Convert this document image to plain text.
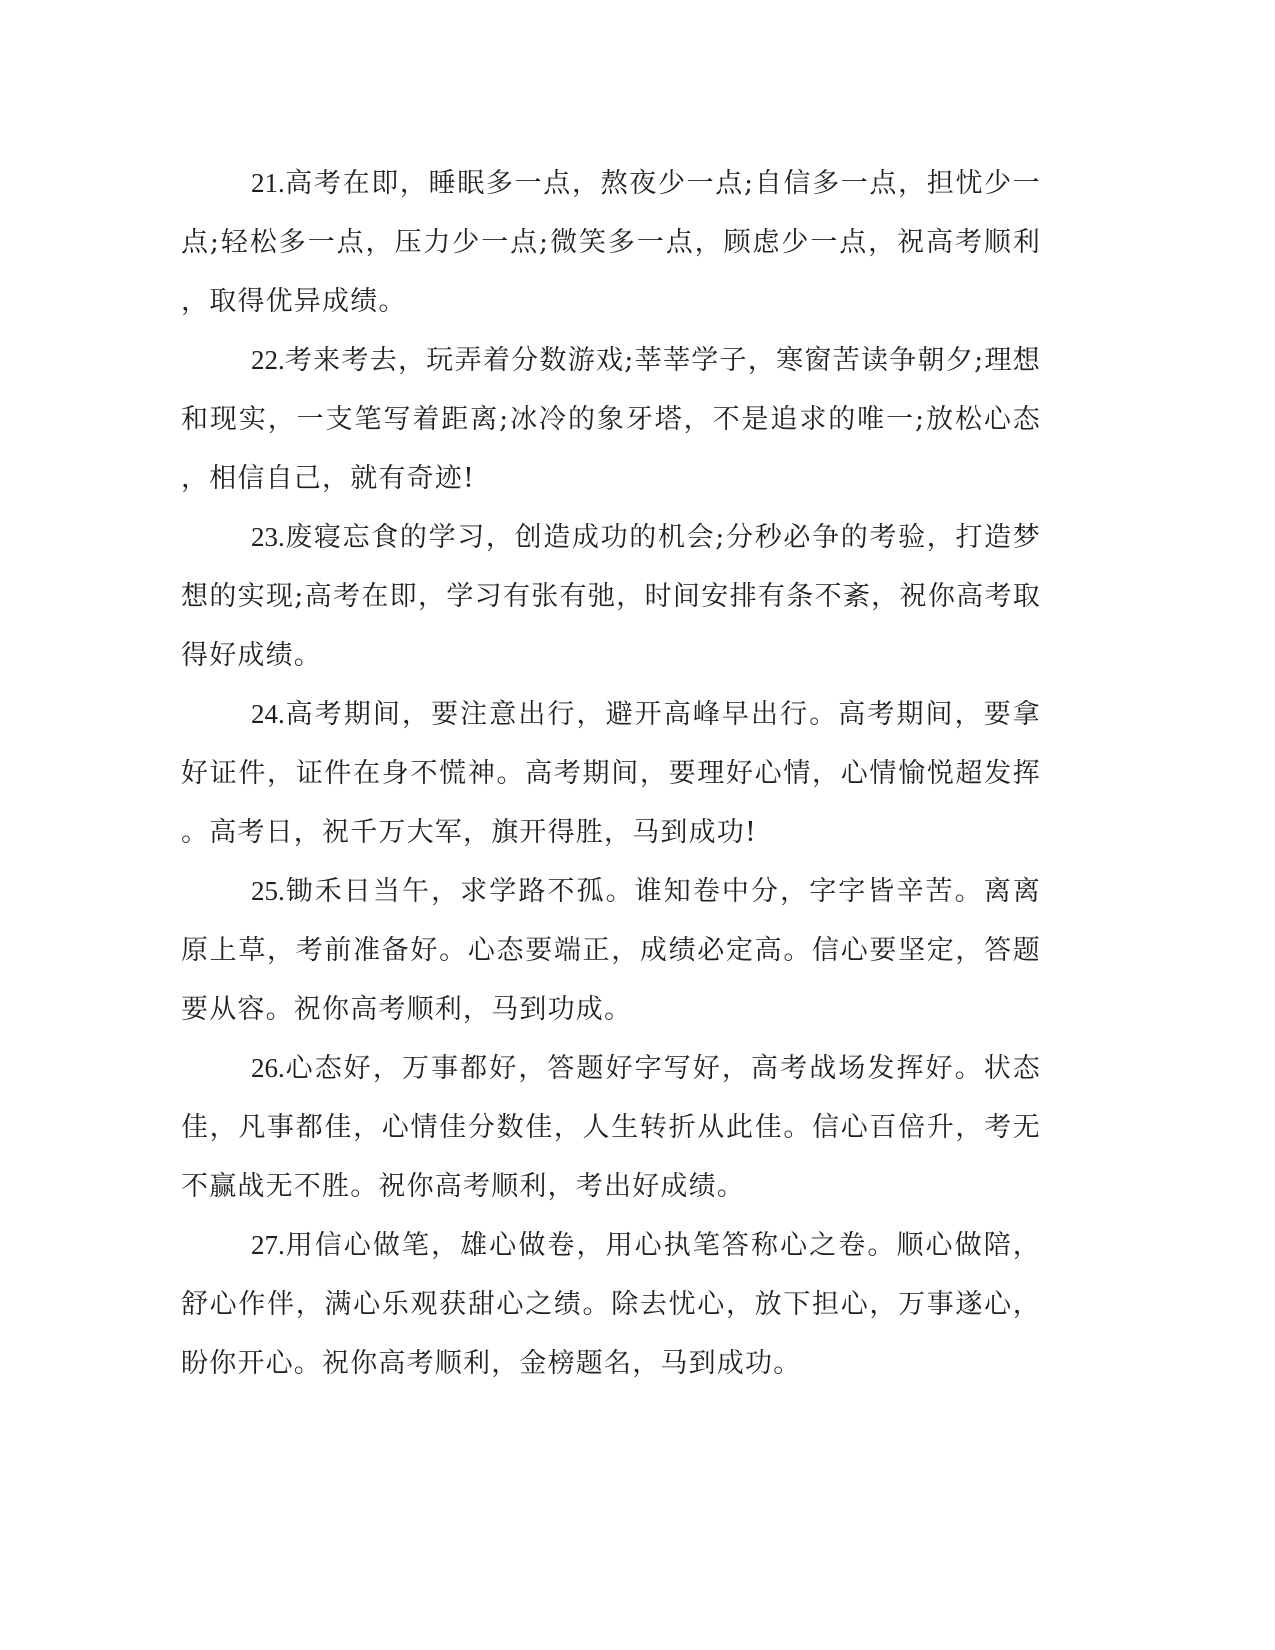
21.高考在即，睡眠多一点，熬夜少一点;自信多一点，担忧少一点;轻松多一点，压力少一点;微笑多一点，顾虑少一点，祝高考顺利，取得优异成绩。

22.考来考去，玩弄着分数游戏;莘莘学子，寒窗苦读争朝夕;理想和现实，一支笔写着距离;冰冷的象牙塔，不是追求的唯一;放松心态，相信自己，就有奇迹!

23.废寝忘食的学习，创造成功的机会;分秒必争的考验，打造梦想的实现;高考在即，学习有张有弛，时间安排有条不紊，祝你高考取得好成绩。

24.高考期间，要注意出行，避开高峰早出行。高考期间，要拿好证件，证件在身不慌神。高考期间，要理好心情，心情愉悦超发挥。高考日，祝千万大军，旗开得胜，马到成功!

25.锄禾日当午，求学路不孤。谁知卷中分，字字皆辛苦。离离原上草，考前准备好。心态要端正，成绩必定高。信心要坚定，答题要从容。祝你高考顺利，马到功成。

26.心态好，万事都好，答题好字写好，高考战场发挥好。状态佳，凡事都佳，心情佳分数佳，人生转折从此佳。信心百倍升，考无不赢战无不胜。祝你高考顺利，考出好成绩。

27.用信心做笔，雄心做卷，用心执笔答称心之卷。顺心做陪，舒心作伴，满心乐观获甜心之绩。除去忧心，放下担心，万事遂心，盼你开心。祝你高考顺利，金榜题名，马到成功。
